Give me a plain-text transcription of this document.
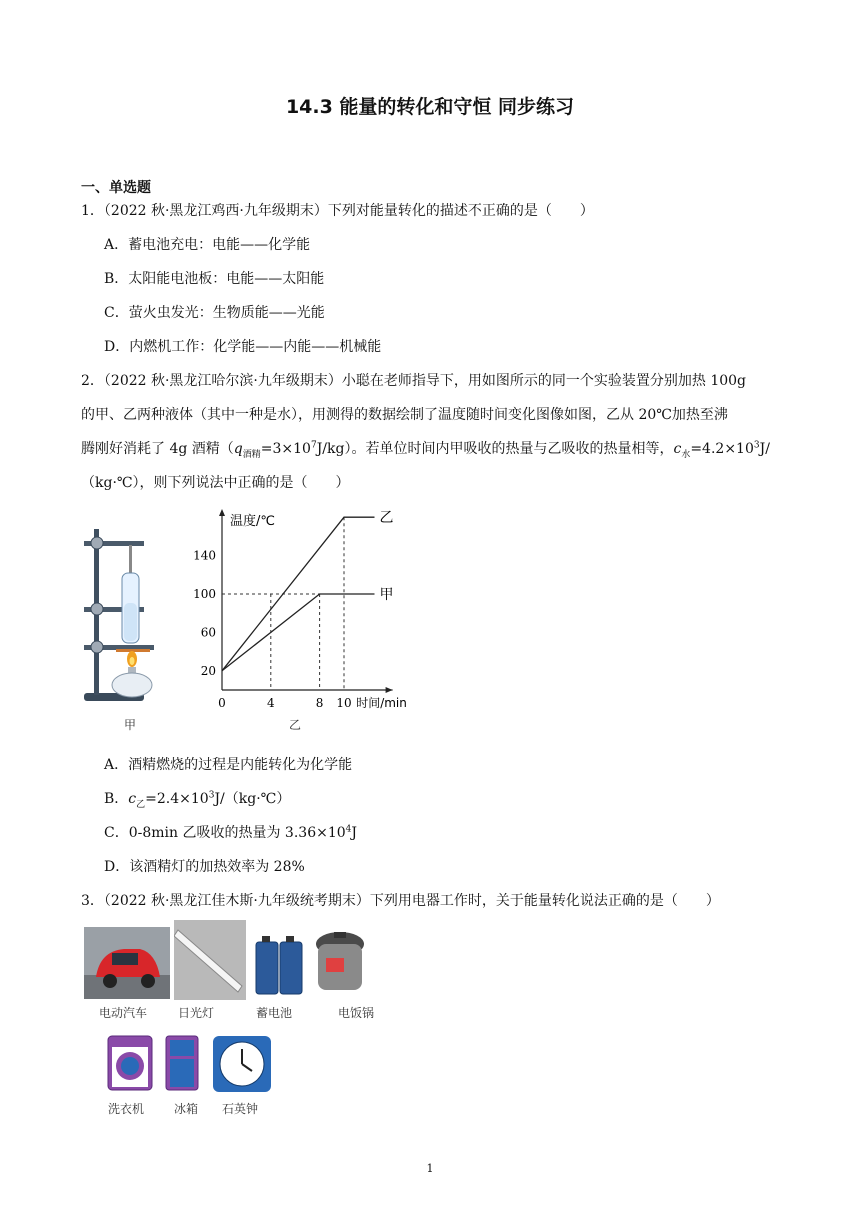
14.3 能量的转化和守恒 同步练习
一、单选题
1．（2022 秋·黑龙江鸡西·九年级期末）下列对能量转化的描述不正确的是（　　）
A．蓄电池充电：电能——化学能
B．太阳能电池板：电能——太阳能
C．萤火虫发光：生物质能——光能
D．内燃机工作：化学能——内能——机械能
2．（2022 秋·黑龙江哈尔滨·九年级期末）小聪在老师指导下，用如图所示的同一个实验装置分别加热 100g
的甲、乙两种液体（其中一种是水），用测得的数据绘制了温度随时间变化图像如图，乙从 20℃加热至沸
腾刚好消耗了 4g 酒精$(q_{酒精}=3\times 10^7J/kg)$。若单位时间内甲吸收的热量与乙吸收的热量相等，$c_水=4.2\times 10^3J/$
（kg·℃），则下列说法中正确的是（　　）
甲
温度/℃
时间/min
0	4	8 10
20
60
100
140
乙
甲
乙
A．酒精燃烧的过程是内能转化为化学能
B．$c_乙=2.4\times 10^3J/(kg\cdot℃)$
C．0-8min 乙吸收的热量为 $3.36\times 10^4J$
D．该酒精灯的加热效率为 28%
3．（2022 秋·黑龙江佳木斯·九年级统考期末）下列用电器工作时，关于能量转化说法正确的是（　　）
电动汽车	日光灯	蓄电池	电饭锅
洗衣机 冰箱 石英钟
1
